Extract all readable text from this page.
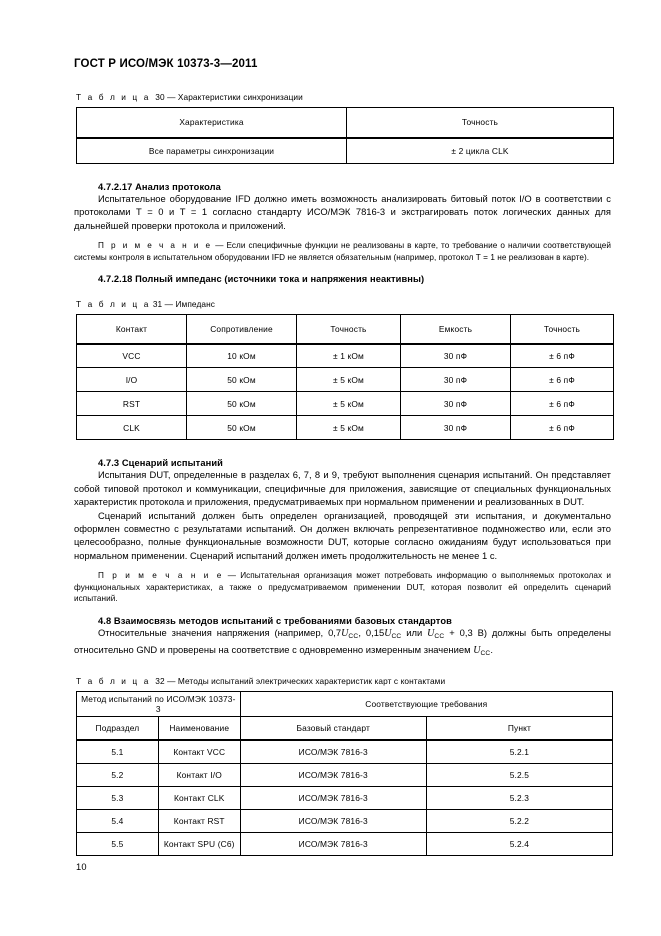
ГОСТ Р ИСО/МЭК 10373-3—2011
Т а б л и ц а 30 — Характеристики синхронизации
Характеристика	Точность
Все параметры синхронизации	± 2 цикла CLK
4.7.2.17 Анализ протокола

Испытательное оборудование IFD должно иметь возможность анализировать битовый поток I/O в соответствии с протоколами Т = 0 и Т = 1 согласно стандарту ИСО/МЭК 7816-3 и экстрагировать поток логических данных для дальнейшей проверки протокола и приложений.

П р и м е ч а н и е — Если специфичные функции не реализованы в карте, то требование о наличии соответствующей системы контроля в испытательном оборудовании IFD не является обязательным (например, протокол Т = 1 не реализован в карте).

4.7.2.18 Полный импеданс (источники тока и напряжения неактивны)
Т а б л и ц а 31 — Импеданс
Контакт	Сопротивление	Точность	Емкость	Точность
VCC	10 кОм	± 1 кОм	30 пФ	± 6 пФ
I/O	50 кОм	± 5 кОм	30 пФ	± 6 пФ
RST	50 кОм	± 5 кОм	30 пФ	± 6 пФ
CLK	50 кОм	± 5 кОм	30 пФ	± 6 пФ
4.7.3 Сценарий испытаний

Испытания DUT, определенные в разделах 6, 7, 8 и 9, требуют выполнения сценария испытаний. Он представляет собой типовой протокол и коммуникации, специфичные для приложения, зависящие от специальных функциональных характеристик протокола и приложения, предусматриваемых при нормальном применении и реализованных в DUT.

Сценарий испытаний должен быть определен организацией, проводящей эти испытания, и документально оформлен совместно с результатами испытаний. Он должен включать репрезентативное подмножество или, если это целесообразно, полные функциональные возможности DUT, которые согласно ожиданиям будут использоваться при нормальном применении. Сценарий испытаний должен иметь продолжительность не менее 1 с.

П р и м е ч а н и е — Испытательная организация может потребовать информацию о выполняемых протоколах и функциональных характеристиках, а также о предусматриваемом применении DUT, которая позволит ей определить сценарий испытаний.

4.8 Взаимосвязь методов испытаний с требованиями базовых стандартов

Относительные значения напряжения (например, $0,7U_{CC}$, $0,15U_{CC}$ или $U_{CC} + 0,3$ В) должны быть определены относительно GND и проверены на соответствие с одновременно измеренным значением $U_{CC}$.

Т а б л и ц а 32 — Методы испытаний электрических характеристик карт с контактами
Метод испытаний по ИСО/МЭК 10373-3		Соответствующие требования	
Подраздел	Наименование	Базовый стандарт	Пункт
5.1	Контакт VCC	ИСО/МЭК 7816-3	5.2.1
5.2	Контакт I/O	ИСО/МЭК 7816-3	5.2.5
5.3	Контакт CLK	ИСО/МЭК 7816-3	5.2.3
5.4	Контакт RST	ИСО/МЭК 7816-3	5.2.2
5.5	Контакт SPU (C6)	ИСО/МЭК 7816-3	5.2.4
10
